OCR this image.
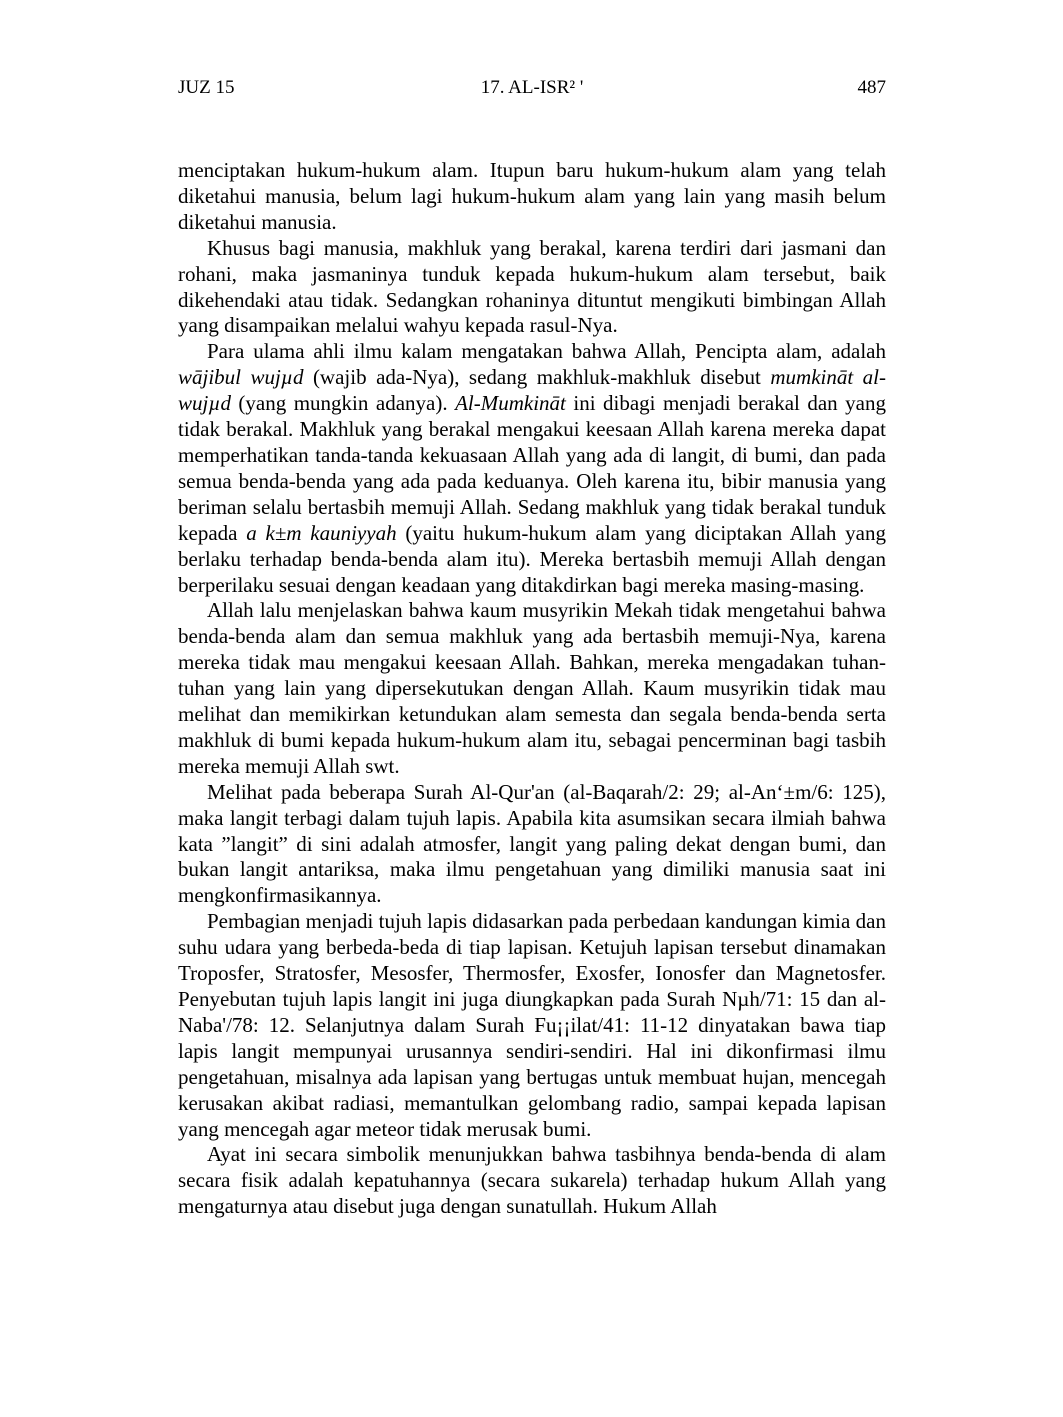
JUZ 15	17. AL-ISR² '	487

menciptakan hukum-hukum alam. Itupun baru hukum-hukum alam yang telah diketahui manusia, belum lagi hukum-hukum alam yang lain yang masih belum diketahui manusia.

Khusus bagi manusia, makhluk yang berakal, karena terdiri dari jasmani dan rohani, maka jasmaninya tunduk kepada hukum-hukum alam tersebut, baik dikehendaki atau tidak. Sedangkan rohaninya dituntut mengikuti bimbingan Allah yang disampaikan melalui wahyu kepada rasul-Nya.

Para ulama ahli ilmu kalam mengatakan bahwa Allah, Pencipta alam, adalah wājibul wujµd (wajib ada-Nya), sedang makhluk-makhluk disebut mumkināt al-wujµd (yang mungkin adanya). Al-Mumkināt ini dibagi menjadi berakal dan yang tidak berakal. Makhluk yang berakal mengakui keesaan Allah karena mereka dapat memperhatikan tanda-tanda kekuasaan Allah yang ada di langit, di bumi, dan pada semua benda-benda yang ada pada keduanya. Oleh karena itu, bibir manusia yang beriman selalu bertasbih memuji Allah. Sedang makhluk yang tidak berakal tunduk kepada a k±m kauniyyah (yaitu hukum-hukum alam yang diciptakan Allah yang berlaku terhadap benda-benda alam itu). Mereka bertasbih memuji Allah dengan berperilaku sesuai dengan keadaan yang ditakdirkan bagi mereka masing-masing.

Allah lalu menjelaskan bahwa kaum musyrikin Mekah tidak mengetahui bahwa benda-benda alam dan semua makhluk yang ada bertasbih memuji-Nya, karena mereka tidak mau mengakui keesaan Allah. Bahkan, mereka mengadakan tuhan-tuhan yang lain yang dipersekutukan dengan Allah. Kaum musyrikin tidak mau melihat dan memikirkan ketundukan alam semesta dan segala benda-benda serta makhluk di bumi kepada hukum-hukum alam itu, sebagai pencerminan bagi tasbih mereka memuji Allah swt.

Melihat pada beberapa Surah Al-Qur'an (al-Baqarah/2: 29; al-An‘±m/6: 125), maka langit terbagi dalam tujuh lapis. Apabila kita asumsikan secara ilmiah bahwa kata ”langit” di sini adalah atmosfer, langit yang paling dekat dengan bumi, dan bukan langit antariksa, maka ilmu pengetahuan yang dimiliki manusia saat ini mengkonfirmasikannya.

Pembagian menjadi tujuh lapis didasarkan pada perbedaan kandungan kimia dan suhu udara yang berbeda-beda di tiap lapisan. Ketujuh lapisan tersebut dinamakan Troposfer, Stratosfer, Mesosfer, Thermosfer, Exosfer, Ionosfer dan Magnetosfer. Penyebutan tujuh lapis langit ini juga diungkapkan pada Surah Nµh/71: 15 dan al- Naba'/78: 12. Selanjutnya dalam Surah Fu¡¡ilat/41: 11-12 dinyatakan bawa tiap lapis langit mempunyai urusannya sendiri-sendiri. Hal ini dikonfirmasi ilmu pengetahuan, misalnya ada lapisan yang bertugas untuk membuat hujan, mencegah kerusakan akibat radiasi, memantulkan gelombang radio, sampai kepada lapisan yang mencegah agar meteor tidak merusak bumi.

Ayat ini secara simbolik menunjukkan bahwa tasbihnya benda-benda di alam secara fisik adalah kepatuhannya (secara sukarela) terhadap hukum Allah yang mengaturnya atau disebut juga dengan sunatullah. Hukum Allah
